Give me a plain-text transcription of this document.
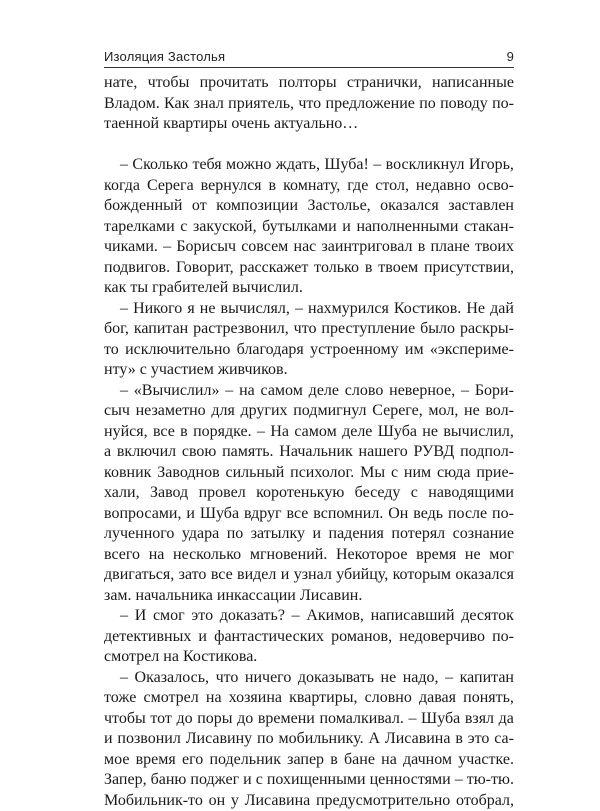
Изоляция Застолья	9
нате, чтобы прочитать полторы странички, написанные
Владом. Как знал приятель, что предложение по поводу по-
таенной квартиры очень актуально…
– Сколько тебя можно ждать, Шуба! – воскликнул Игорь,
когда Серега вернулся в комнату, где стол, недавно осво-
божденный от композиции Застолье, оказался заставлен
тарелками с закуской, бутылками и наполненными стакан-
чиками. – Борисыч совсем нас заинтриговал в плане твоих
подвигов. Говорит, расскажет только в твоем присутствии,
как ты грабителей вычислил.
– Никого я не вычислял, – нахмурился Костиков. Не дай
бог, капитан растрезвонил, что преступление было раскры-
то исключительно благодаря устроенному им «экспериме-
нту» с участием живчиков.
– «Вычислил» – на самом деле слово неверное, – Бори-
сыч незаметно для других подмигнул Сереге, мол, не вол-
нуйся, все в порядке. – На самом деле Шуба не вычислил,
а включил свою память. Начальник нашего РУВД подпол-
ковник Заводнов сильный психолог. Мы с ним сюда прие-
хали, Завод провел коротенькую беседу с наводящими
вопросами, и Шуба вдруг все вспомнил. Он ведь после по-
лученного удара по затылку и падения потерял сознание
всего на несколько мгновений. Некоторое время не мог
двигаться, зато все видел и узнал убийцу, которым оказался
зам. начальника инкассации Лисавин.
– И смог это доказать? – Акимов, написавший десяток
детективных и фантастических романов, недоверчиво по-
смотрел на Костикова.
– Оказалось, что ничего доказывать не надо, – капитан
тоже смотрел на хозяина квартиры, словно давая понять,
чтобы тот до поры до времени помалкивал. – Шуба взял да
и позвонил Лисавину по мобильнику. А Лисавина в это са-
мое время его подельник запер в бане на дачном участке.
Запер, баню поджег и с похищенными ценностями – тю-тю.
Мобильник-то он у Лисавина предусмотрительно отобрал,
